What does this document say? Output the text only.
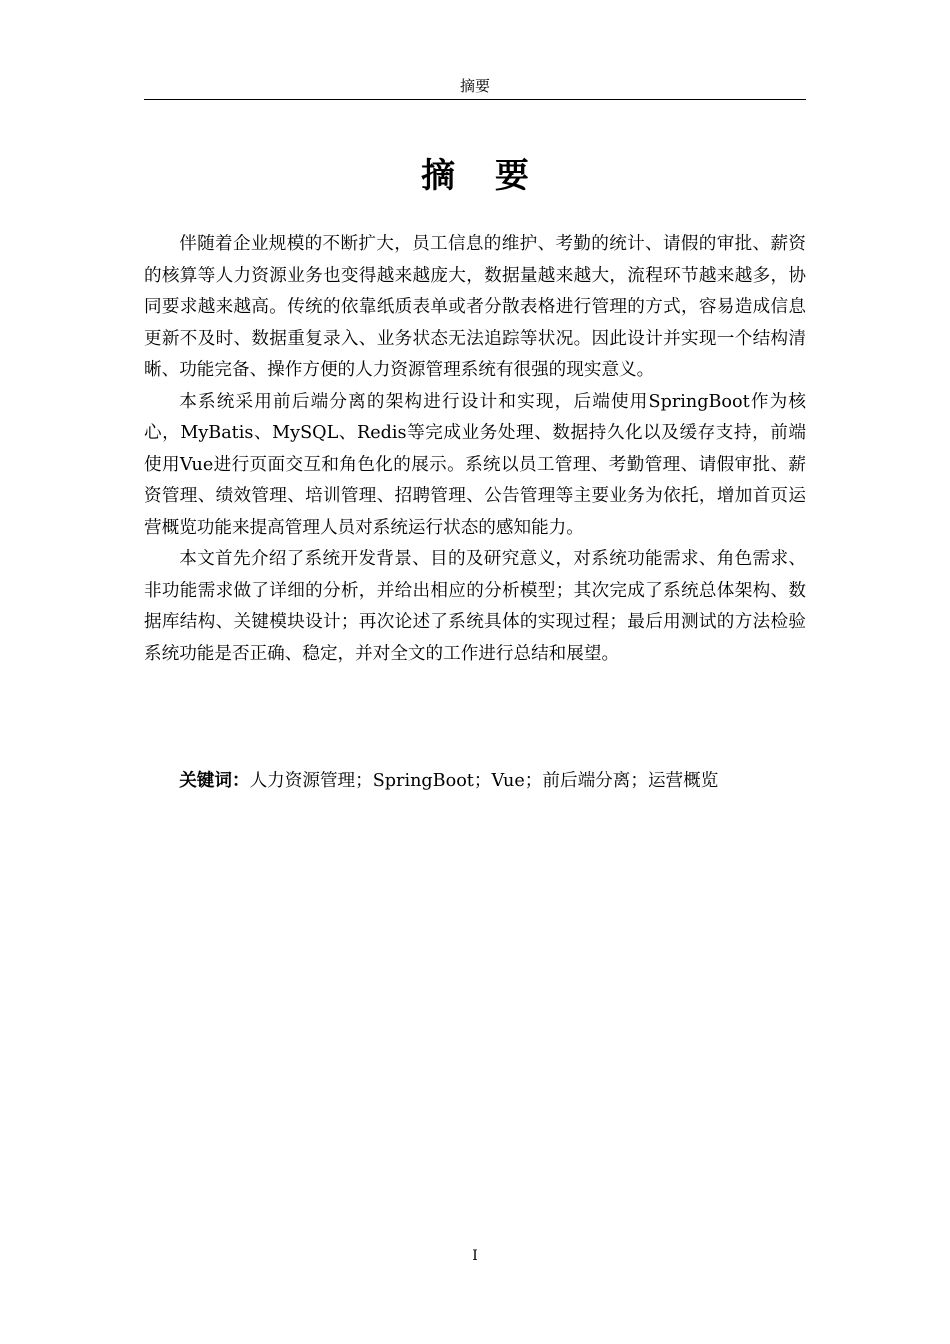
摘要
摘 要

伴随着企业规模的不断扩大，员工信息的维护、考勤的统计、请假的审批、薪资的核算等人力资源业务也变得越来越庞大，数据量越来越大，流程环节越来越多，协同要求越来越高。传统的依靠纸质表单或者分散表格进行管理的方式，容易造成信息更新不及时、数据重复录入、业务状态无法追踪等状况。因此设计并实现一个结构清晰、功能完备、操作方便的人力资源管理系统有很强的现实意义。

本系统采用前后端分离的架构进行设计和实现，后端使用SpringBoot作为核心，MyBatis、MySQL、Redis等完成业务处理、数据持久化以及缓存支持，前端使用Vue进行页面交互和角色化的展示。系统以员工管理、考勤管理、请假审批、薪资管理、绩效管理、培训管理、招聘管理、公告管理等主要业务为依托，增加首页运营概览功能来提高管理人员对系统运行状态的感知能力。

本文首先介绍了系统开发背景、目的及研究意义，对系统功能需求、角色需求、非功能需求做了详细的分析，并给出相应的分析模型；其次完成了系统总体架构、数据库结构、关键模块设计；再次论述了系统具体的实现过程；最后用测试的方法检验系统功能是否正确、稳定，并对全文的工作进行总结和展望。

关键词：人力资源管理；SpringBoot；Vue；前后端分离；运营概览
I
